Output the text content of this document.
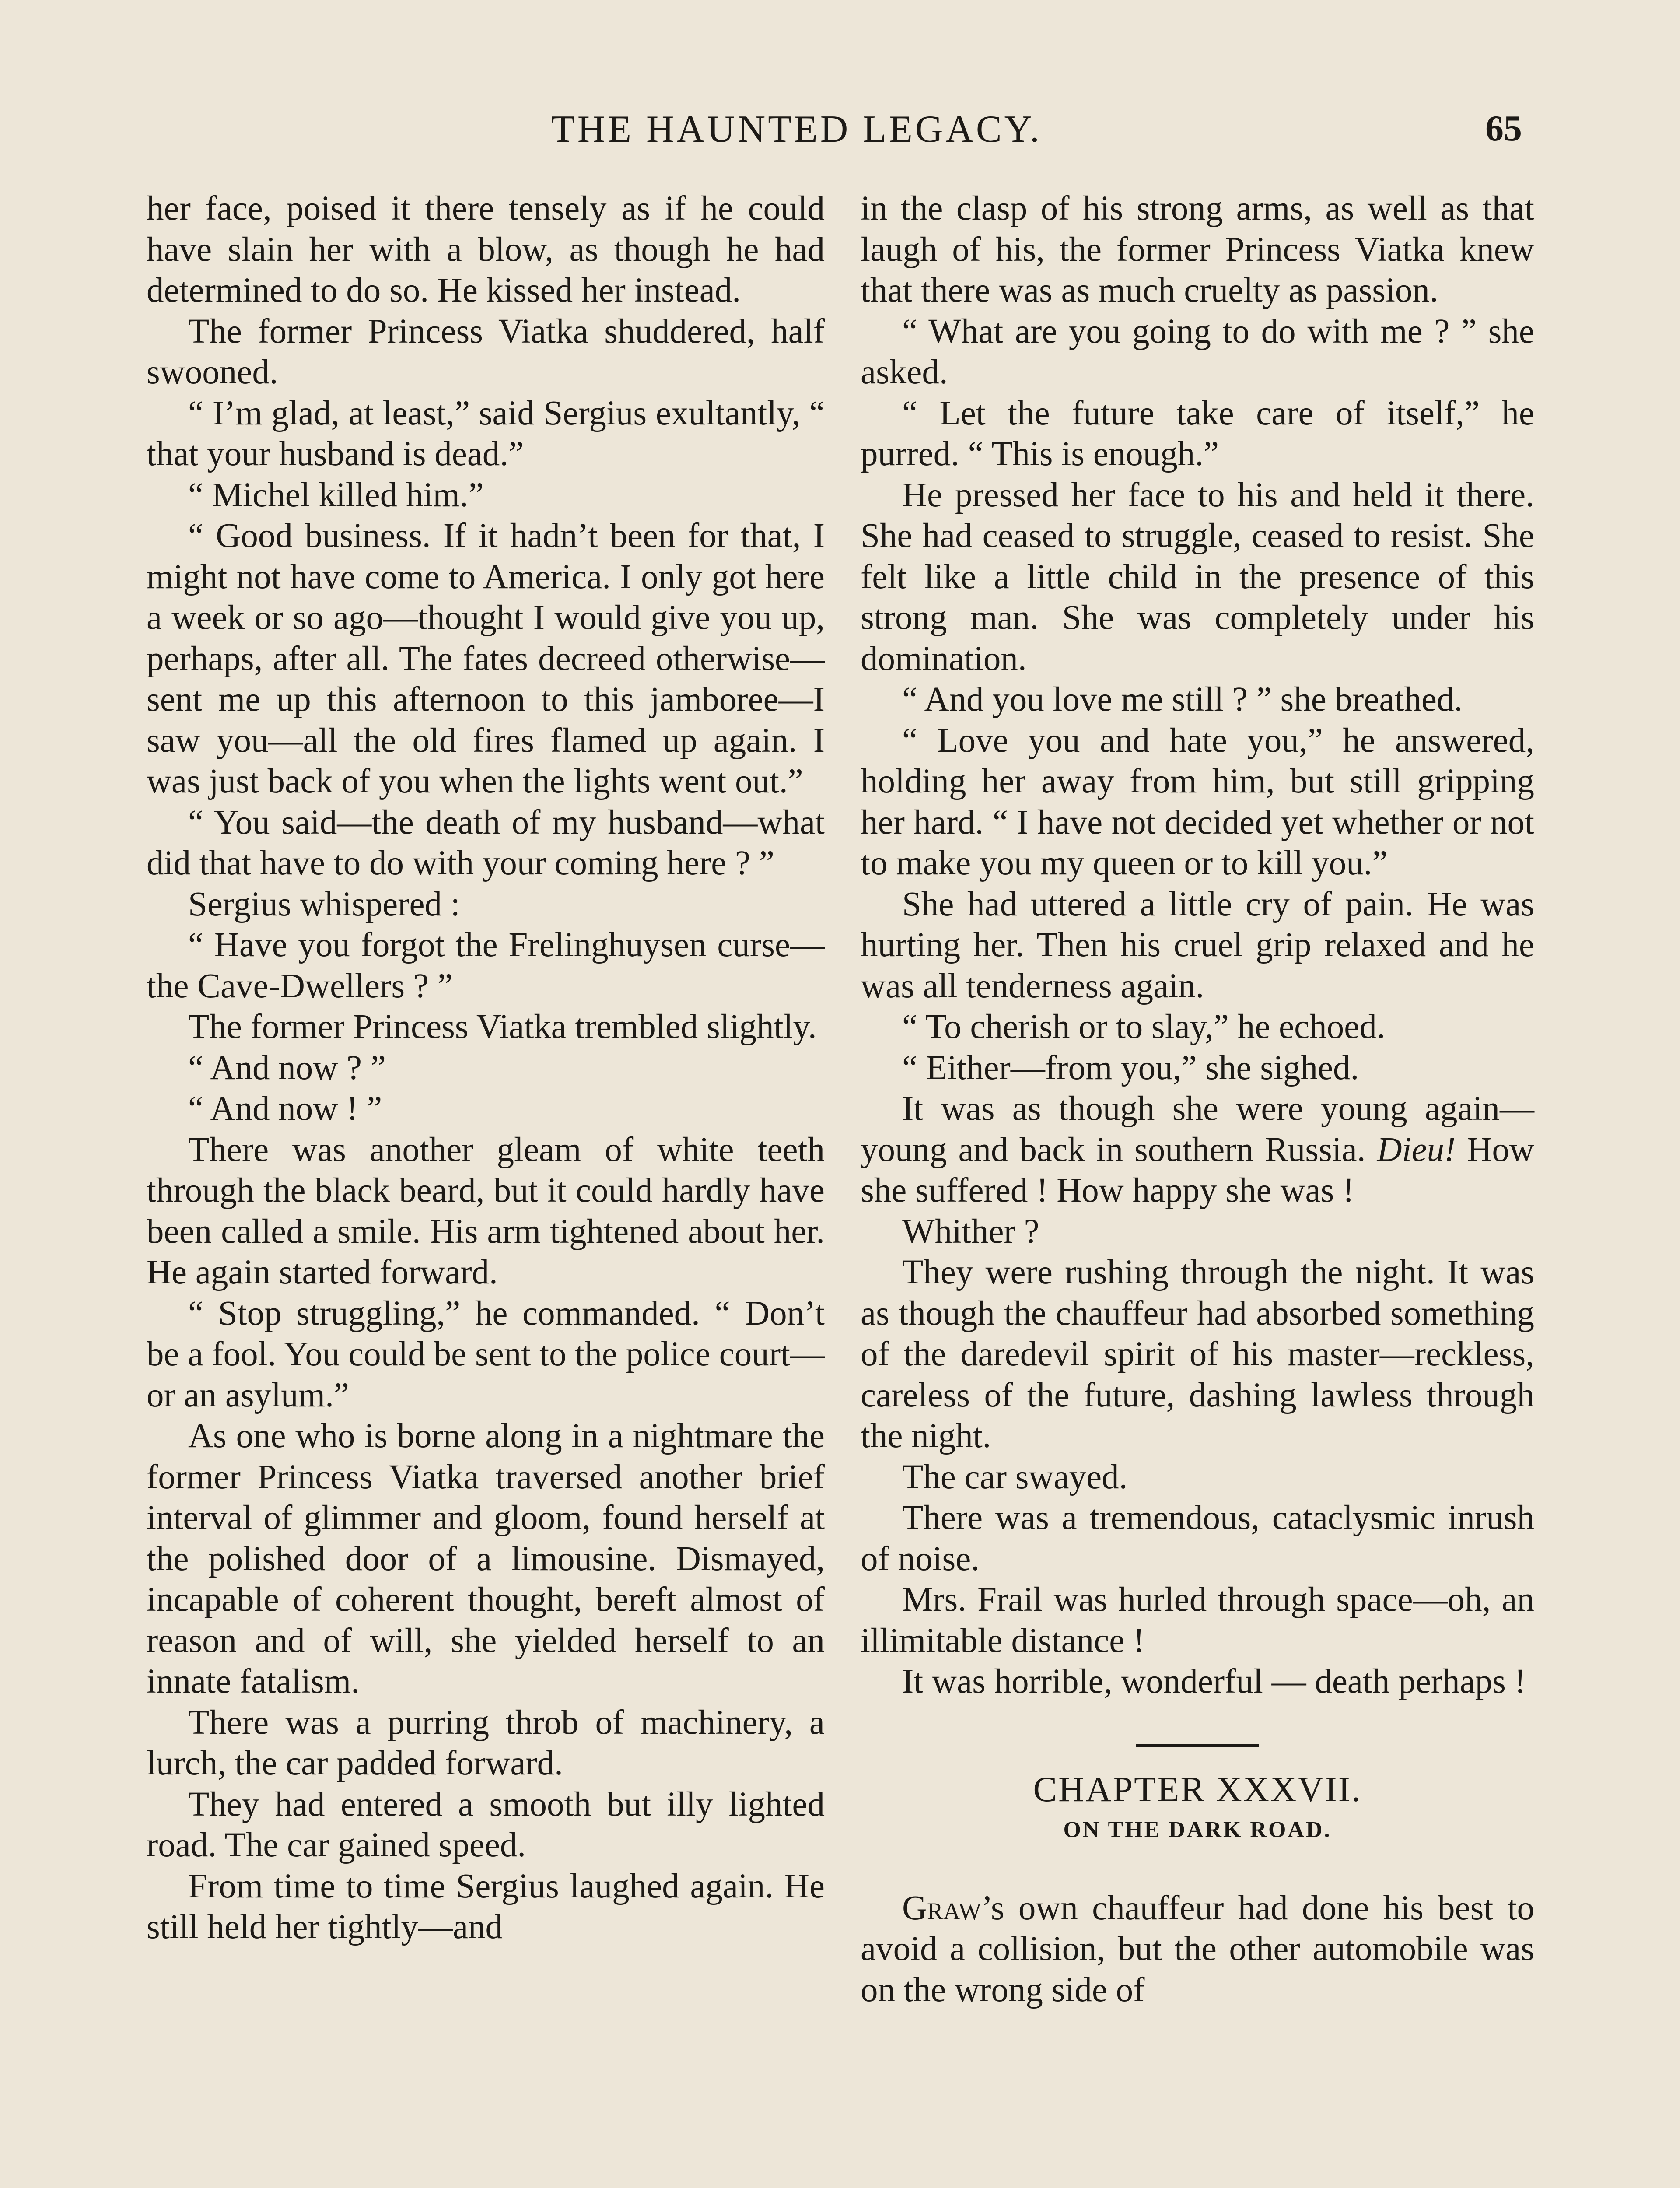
THE HAUNTED LEGACY.	65

her face, poised it there tensely as if he could have slain her with a blow, as though he had determined to do so. He kissed her instead.

The former Princess Viatka shuddered, half swooned.

“ I’m glad, at least,” said Sergius exultantly, “ that your husband is dead.”

“ Michel killed him.”

“ Good business. If it hadn’t been for that, I might not have come to America. I only got here a week or so ago—thought I would give you up, perhaps, after all. The fates decreed otherwise—sent me up this afternoon to this jamboree—I saw you—all the old fires flamed up again. I was just back of you when the lights went out.”

“ You said—the death of my husband—what did that have to do with your coming here ? ”

Sergius whispered :

“ Have you forgot the Frelinghuysen curse—the Cave-Dwellers ? ”

The former Princess Viatka trembled slightly.

“ And now ? ”

“ And now ! ”

There was another gleam of white teeth through the black beard, but it could hardly have been called a smile. His arm tightened about her. He again started forward.

“ Stop struggling,” he commanded. “ Don’t be a fool. You could be sent to the police court—or an asylum.”

As one who is borne along in a nightmare the former Princess Viatka traversed another brief interval of glimmer and gloom, found herself at the polished door of a limousine. Dismayed, incapable of coherent thought, bereft almost of reason and of will, she yielded herself to an innate fatalism.

There was a purring throb of machinery, a lurch, the car padded forward.

They had entered a smooth but illy lighted road. The car gained speed.

From time to time Sergius laughed again. He still held her tightly—and

in the clasp of his strong arms, as well as that laugh of his, the former Princess Viatka knew that there was as much cruelty as passion.

“ What are you going to do with me ? ” she asked.

“ Let the future take care of itself,” he purred. “ This is enough.”

He pressed her face to his and held it there. She had ceased to struggle, ceased to resist. She felt like a little child in the presence of this strong man. She was completely under his domination.

“ And you love me still ? ” she breathed.

“ Love you and hate you,” he answered, holding her away from him, but still gripping her hard. “ I have not decided yet whether or not to make you my queen or to kill you.”

She had uttered a little cry of pain. He was hurting her. Then his cruel grip relaxed and he was all tenderness again.

“ To cherish or to slay,” he echoed.

“ Either—from you,” she sighed.

It was as though she were young again—young and back in southern Russia. Dieu! How she suffered ! How happy she was !

Whither ?

They were rushing through the night. It was as though the chauffeur had absorbed something of the daredevil spirit of his master—reckless, careless of the future, dashing lawless through the night.

The car swayed.

There was a tremendous, cataclysmic inrush of noise.

Mrs. Frail was hurled through space—oh, an illimitable distance !

It was horrible, wonderful — death perhaps !

CHAPTER XXXVII.

ON THE DARK ROAD.

Graw’s own chauffeur had done his best to avoid a collision, but the other automobile was on the wrong side of
